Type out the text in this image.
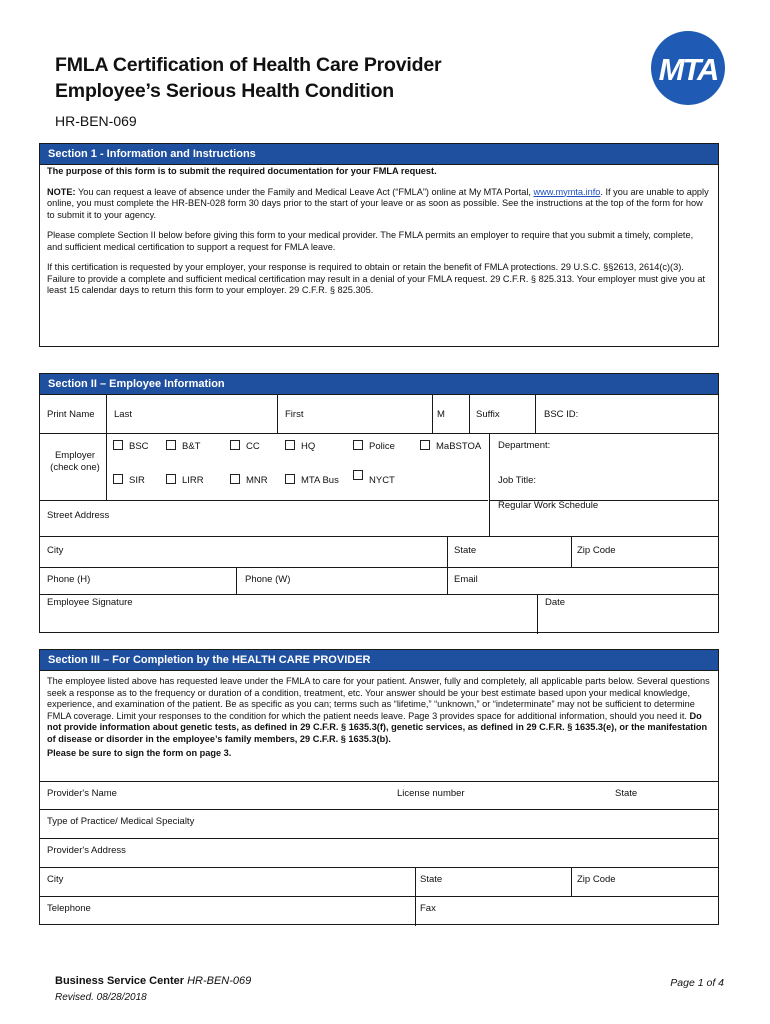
FMLA Certification of Health Care Provider
Employee’s Serious Health Condition
HR-BEN-069
MTA
Section 1 - Information and Instructions

The purpose of this form is to submit the required documentation for your FMLA request.

NOTE: You can request a leave of absence under the Family and Medical Leave Act (“FMLA”) online at My MTA Portal, www.mymta.info. If you are unable to apply online, you must complete the HR-BEN-028 form 30 days prior to the start of your leave or as soon as possible. See the instructions at the top of the form for how to submit it to your agency.

Please complete Section II below before giving this form to your medical provider. The FMLA permits an employer to require that you submit a timely, complete, and sufficient medical certification to support a request for FMLA leave.

If this certification is requested by your employer, your response is required to obtain or retain the benefit of FMLA protections. 29 U.S.C. §§2613, 2614(c)(3). Failure to provide a complete and sufficient medical certification may result in a denial of your FMLA request. 29 C.F.R. § 825.313. Your employer must give you at least 15 calendar days to return this form to your employer. 29 C.F.R. § 825.305.

Section II – Employee Information
Print Name Last	First	M	Suffix	BSC ID:
Employer
(check one)
BSC	B&T	CC	HQ	Police	MaBSTOA
SIR	LIRR	MNR	MTA Bus	NYCT
Department:
Job Title:
Regular Work Schedule
Street Address
City	State	Zip Code
Phone (H)	Phone (W)	Email
Employee Signature	Date
Section III – For Completion by the HEALTH CARE PROVIDER

The employee listed above has requested leave under the FMLA to care for your patient. Answer, fully and completely, all applicable parts below. Several questions seek a response as to the frequency or duration of a condition, treatment, etc. Your answer should be your best estimate based upon your medical knowledge, experience, and examination of the patient. Be as specific as you can; terms such as “lifetime,” “unknown,” or “indeterminate” may not be sufficient to determine FMLA coverage. Limit your responses to the condition for which the patient needs leave. Page 3 provides space for additional information, should you need it. Do not provide information about genetic tests, as defined in 29 C.F.R. § 1635.3(f), genetic services, as defined in 29 C.F.R. § 1635.3(e), or the manifestation of disease or disorder in the employee’s family members, 29 C.F.R. § 1635.3(b).

Please be sure to sign the form on page 3.

Provider's Name	License number	State
Type of Practice/ Medical Specialty
Provider's Address
City	State	Zip Code
Telephone	Fax
Business Service Center HR-BEN-069
Revised. 08/28/2018
Page 1 of 4
